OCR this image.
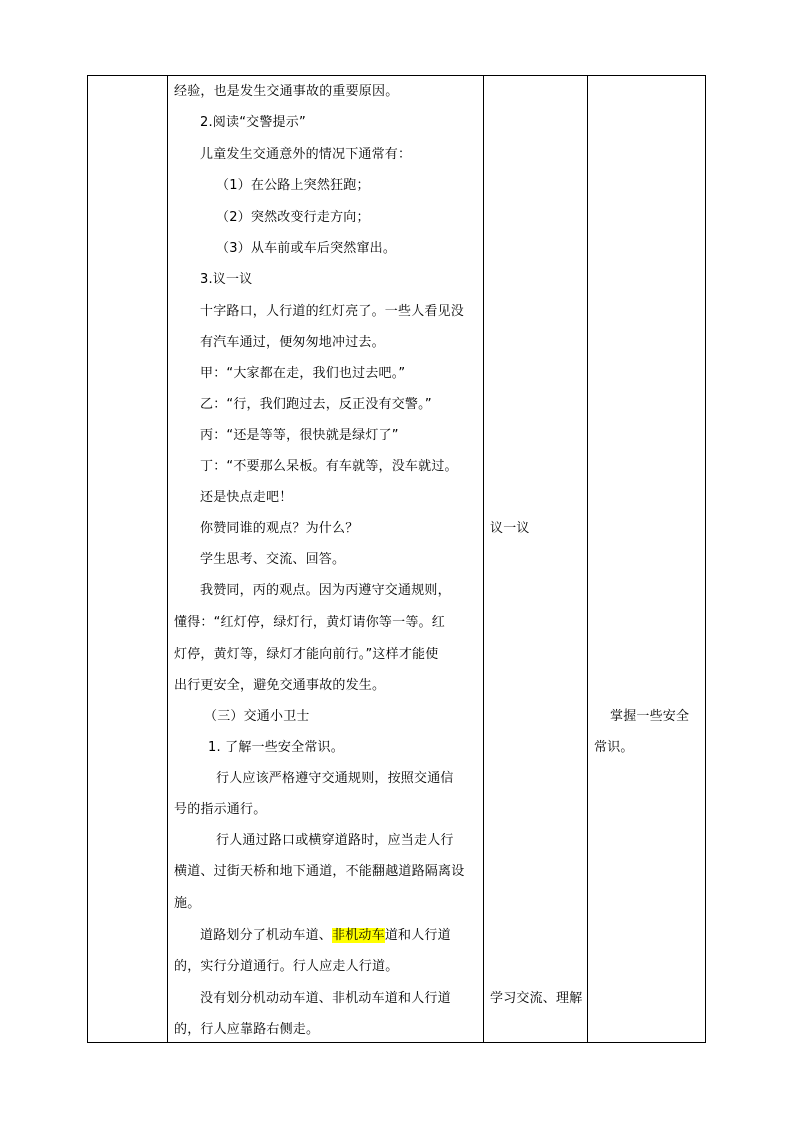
经验，也是发生交通事故的重要原因。
2.阅读“交警提示”
儿童发生交通意外的情况下通常有：
（1）在公路上突然狂跑；
（2）突然改变行走方向；
（3）从车前或车后突然窜出。
3.议一议
十字路口，人行道的红灯亮了。一些人看见没
有汽车通过，便匆匆地冲过去。
甲：“大家都在走，我们也过去吧。”
乙：“行，我们跑过去，反正没有交警。”
丙：“还是等等，很快就是绿灯了”
丁：“不要那么呆板。有车就等，没车就过。
还是快点走吧！
你赞同谁的观点？为什么？
学生思考、交流、回答。
我赞同，丙的观点。因为丙遵守交通规则，
懂得：“红灯停，绿灯行，黄灯请你等一等。红
灯停，黄灯等，绿灯才能向前行。”这样才能使
出行更安全，避免交通事故的发生。
（三）交通小卫士
1. 了解一些安全常识。
行人应该严格遵守交通规则，按照交通信
号的指示通行。
行人通过路口或横穿道路时，应当走人行
横道、过街天桥和地下通道，不能翻越道路隔离设
施。
道路划分了机动车道、非机动车道和人行道
的，实行分道通行。行人应走人行道。
没有划分机动动车道、非机动车道和人行道
的，行人应靠路右侧走。
议一议
学习交流、理解
掌握一些安全
常识。
